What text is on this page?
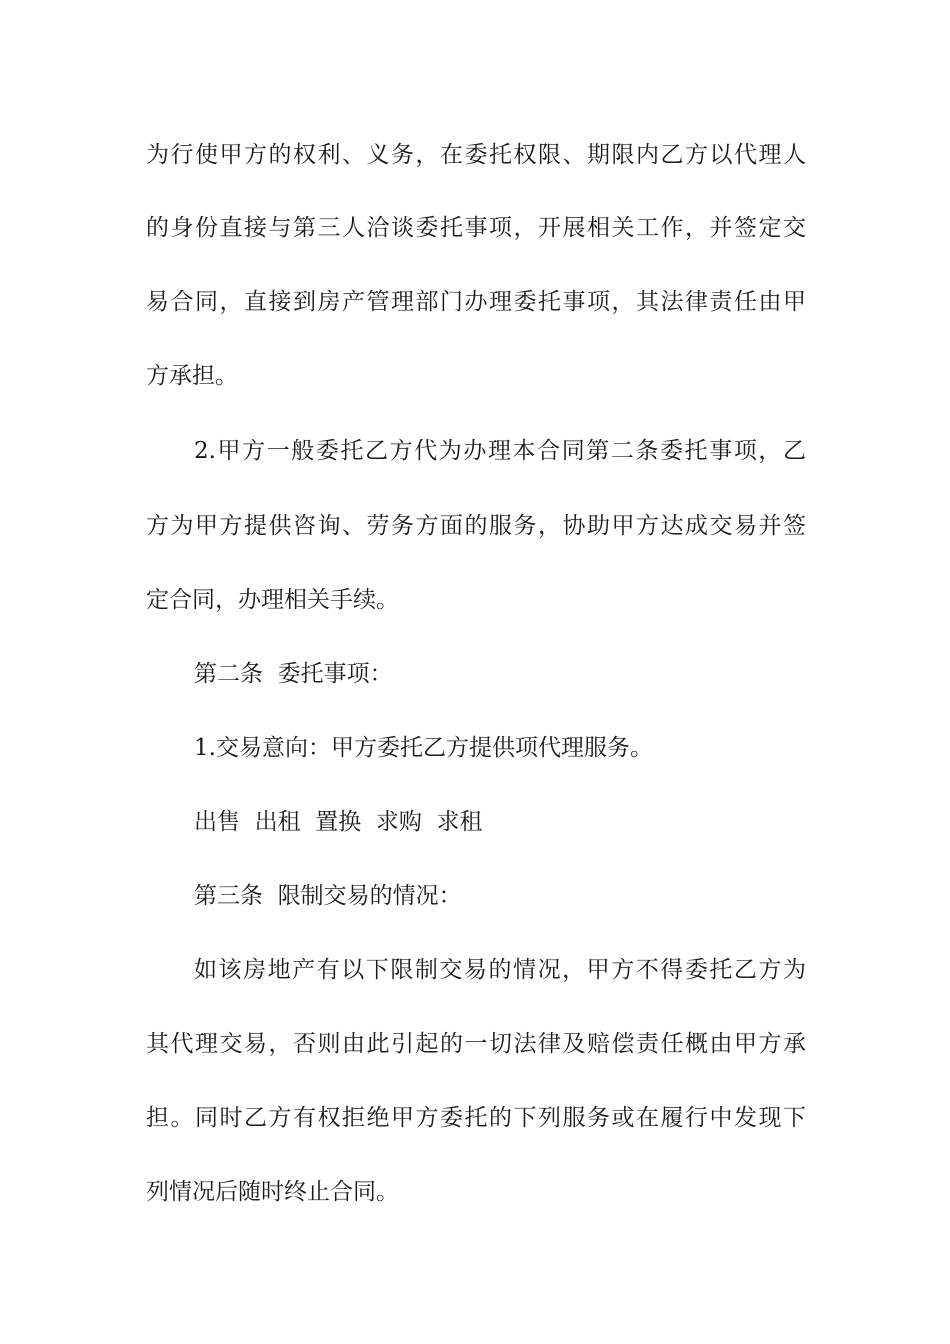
为行使甲方的权利、义务，在委托权限、期限内乙方以代理人
的身份直接与第三人洽谈委托事项，开展相关工作，并签定交
易合同，直接到房产管理部门办理委托事项，其法律责任由甲
方承担。
2.甲方一般委托乙方代为办理本合同第二条委托事项，乙
方为甲方提供咨询、劳务方面的服务，协助甲方达成交易并签
定合同，办理相关手续。
第二条  委托事项：
1.交易意向：甲方委托乙方提供项代理服务。
出售  出租  置换  求购  求租
第三条  限制交易的情况：
如该房地产有以下限制交易的情况，甲方不得委托乙方为
其代理交易，否则由此引起的一切法律及赔偿责任概由甲方承
担。同时乙方有权拒绝甲方委托的下列服务或在履行中发现下
列情况后随时终止合同。
